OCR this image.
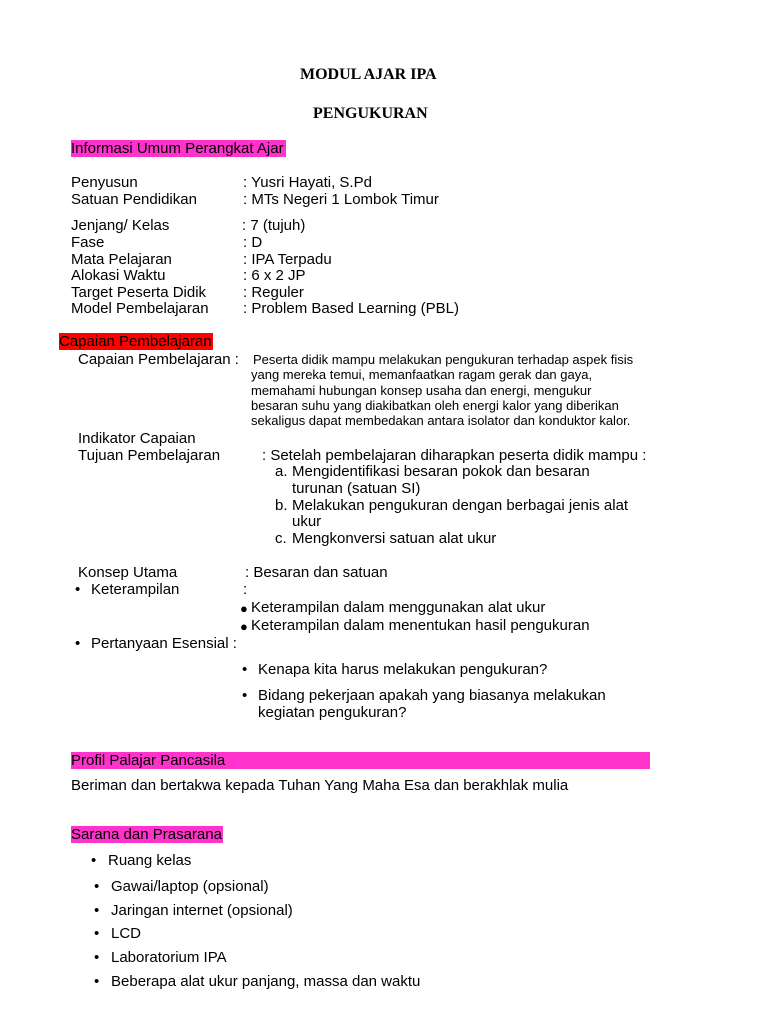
MODUL AJAR IPA
PENGUKURAN
Informasi Umum Perangkat Ajar
Penyusun	: Yusri Hayati, S.Pd
Satuan Pendidikan	: MTs Negeri 1 Lombok Timur
Jenjang/ Kelas	: 7 (tujuh)
Fase	: D
Mata Pelajaran	: IPA Terpadu
Alokasi Waktu	: 6 x 2 JP
Target Peserta Didik : Reguler
Model Pembelajaran : Problem Based Learning (PBL)
Capaian Pembelajaran
Capaian Pembelajaran : Peserta didik mampu melakukan pengukuran terhadap aspek fisis
yang mereka temui, memanfaatkan ragam gerak dan gaya,
memahami hubungan konsep usaha dan energi, mengukur
besaran suhu yang diakibatkan oleh energi kalor yang diberikan
sekaligus dapat membedakan antara isolator dan konduktor kalor.
Indikator Capaian
Tujuan Pembelajaran	: Setelah pembelajaran diharapkan peserta didik mampu :
a. Mengidentifikasi besaran pokok dan besaran
turunan (satuan SI)
b. Melakukan pengukuran dengan berbagai jenis alat
ukur
c. Mengkonversi satuan alat ukur
Konsep Utama	: Besaran dan satuan
• Keterampilan	:
● Keterampilan dalam menggunakan alat ukur
● Keterampilan dalam menentukan hasil pengukuran
• Pertanyaan Esensial :
• Kenapa kita harus melakukan pengukuran?
• Bidang pekerjaan apakah yang biasanya melakukan
kegiatan pengukuran?
Profil Palajar Pancasila
Beriman dan bertakwa kepada Tuhan Yang Maha Esa dan berakhlak mulia
Sarana dan Prasarana
• Ruang kelas
• Gawai/laptop (opsional)
• Jaringan internet (opsional)
• LCD
• Laboratorium IPA
• Beberapa alat ukur panjang, massa dan waktu
